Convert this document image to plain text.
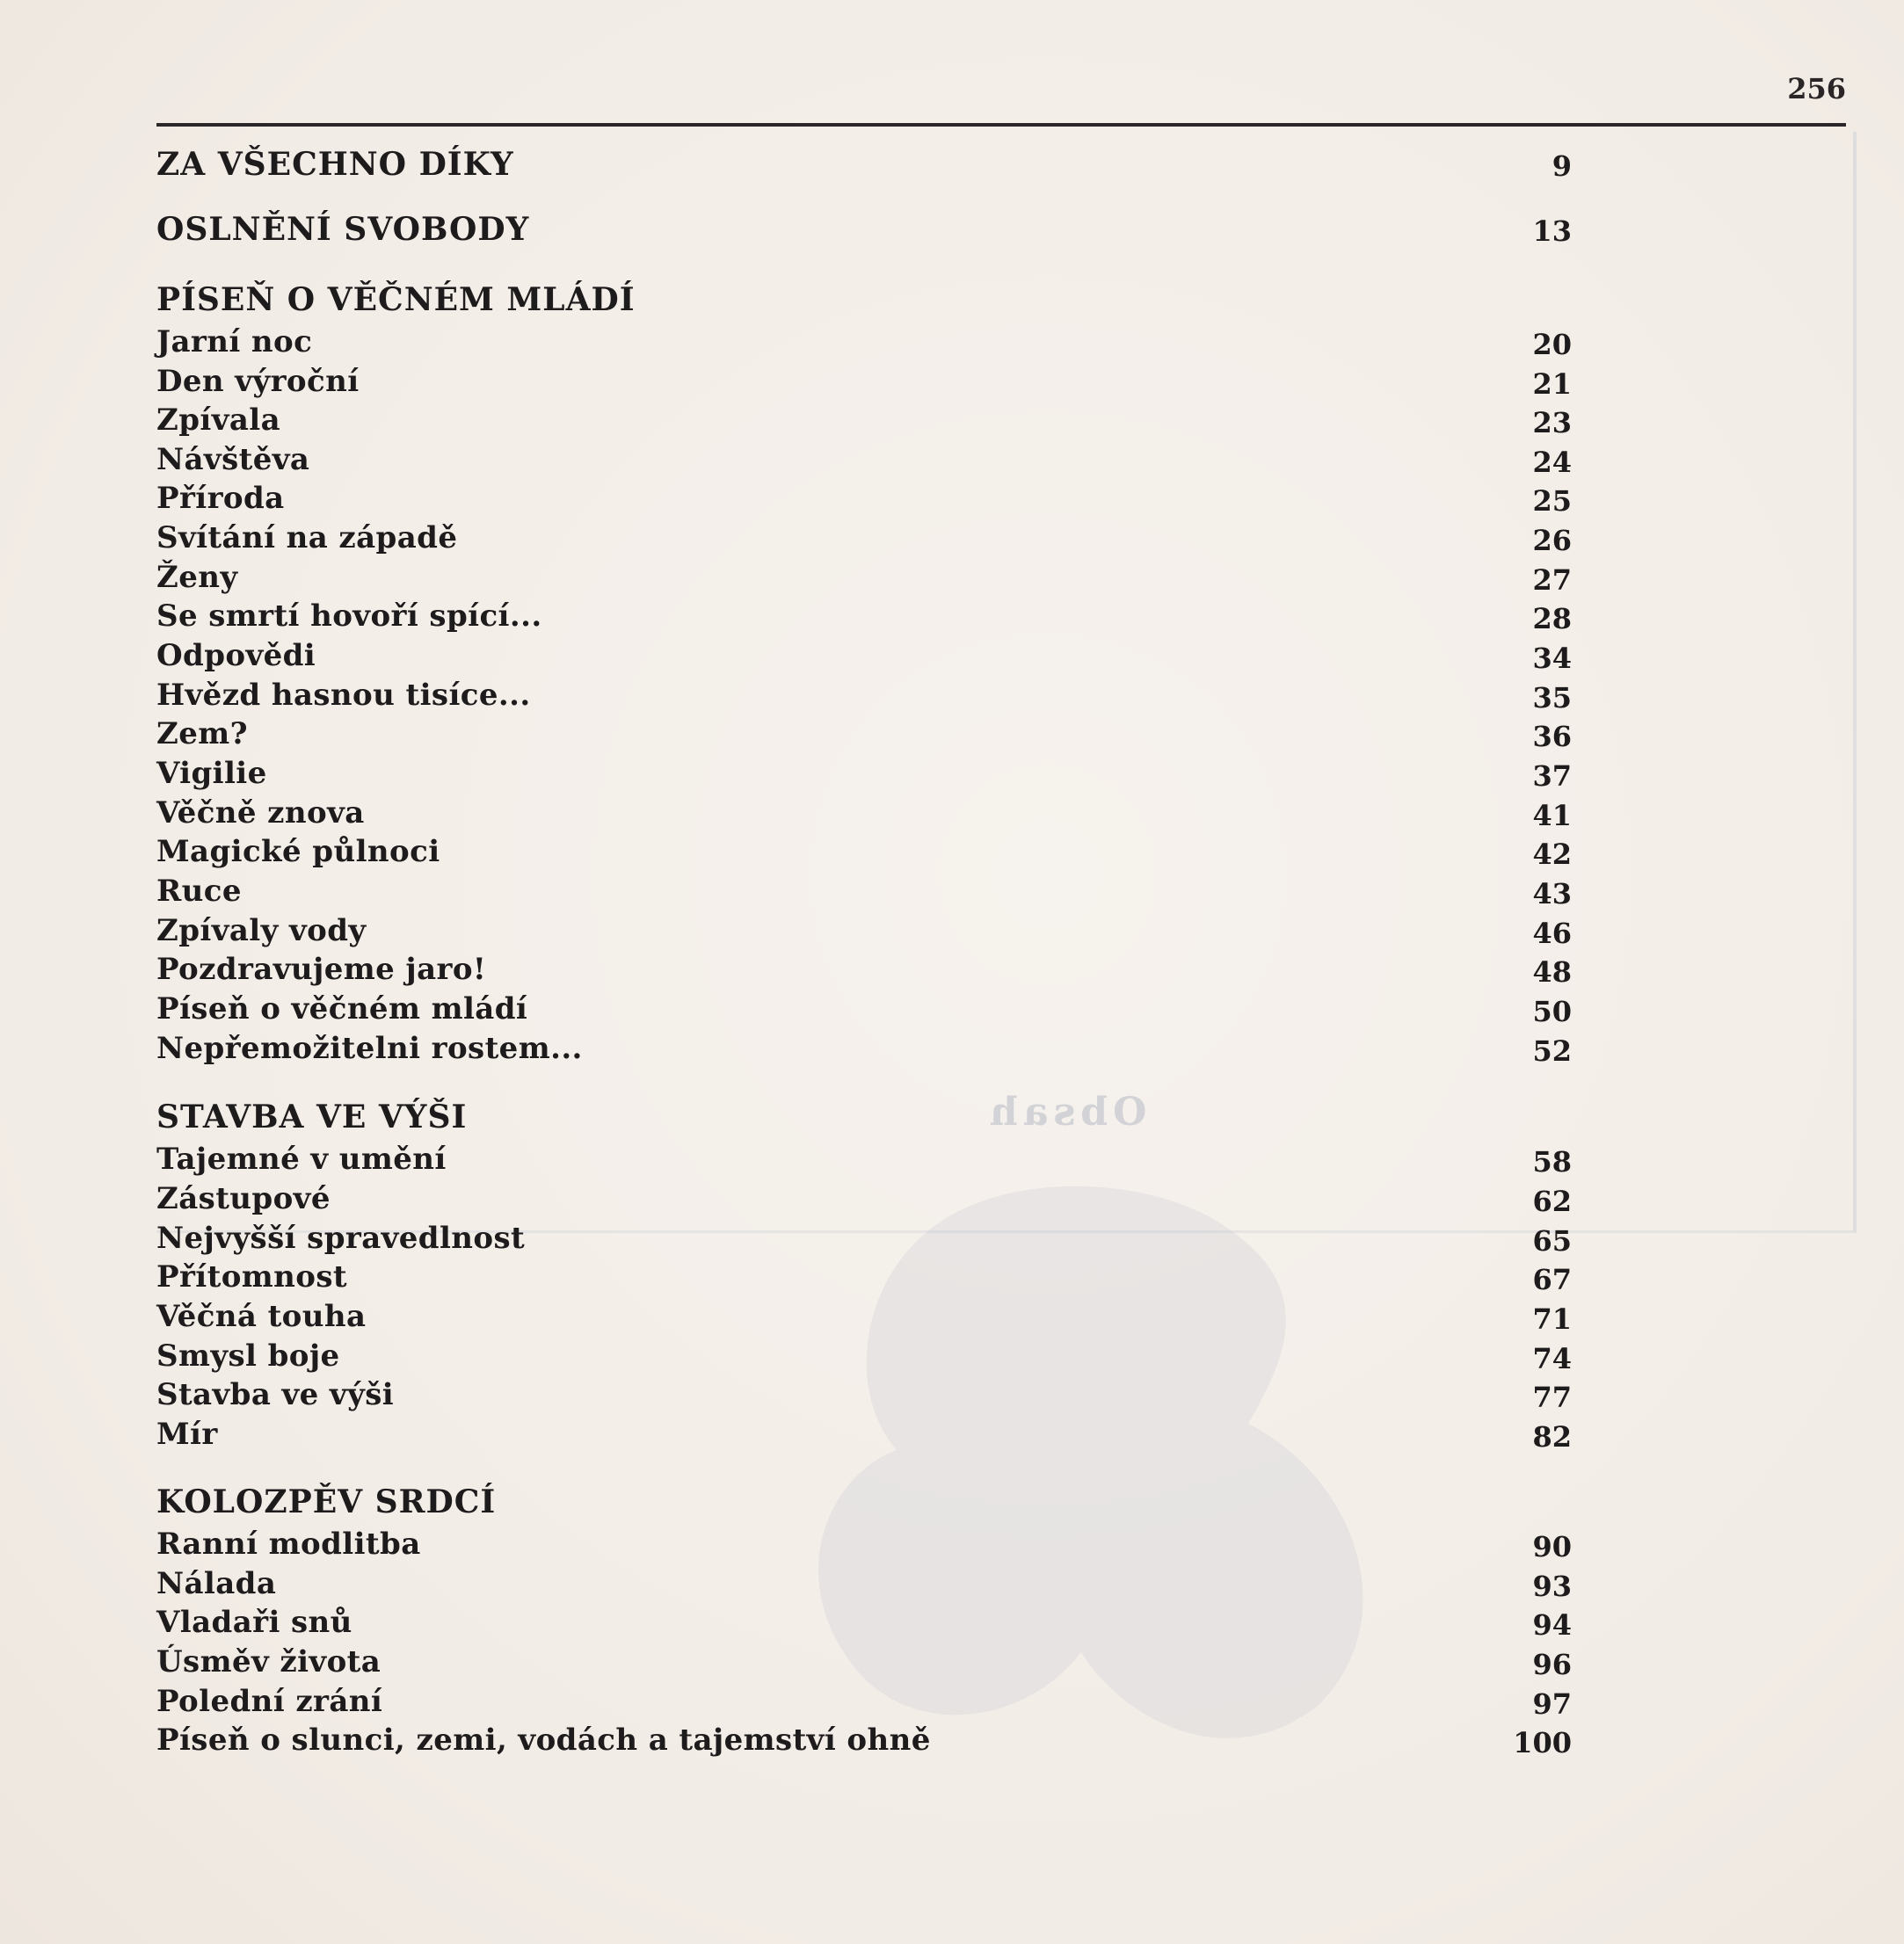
Obsah
256
ZA VŠECHNO DÍKY	9
OSLNĚNÍ SVOBODY	13
PÍSEŇ O VĚČNÉM MLÁDÍ
Jarní noc	20
Den výroční	21
Zpívala	23
Návštěva	24
Příroda	25
Svítání na západě	26
Ženy	27
Se smrtí hovoří spící...	28
Odpovědi	34
Hvězd hasnou tisíce...	35
Zem?	36
Vigilie	37
Věčně znova	41
Magické půlnoci	42
Ruce	43
Zpívaly vody	46
Pozdravujeme jaro!	48
Píseň o věčném mládí	50
Nepřemožitelni rostem...	52
STAVBA VE VÝŠI
Tajemné v umění	58
Zástupové	62
Nejvyšší spravedlnost	65
Přítomnost	67
Věčná touha	71
Smysl boje	74
Stavba ve výši	77
Mír	82
KOLOZPĚV SRDCÍ
Ranní modlitba	90
Nálada	93
Vladaři snů	94
Úsměv života	96
Polední zrání	97
Píseň o slunci, zemi, vodách a tajemství ohně	100
